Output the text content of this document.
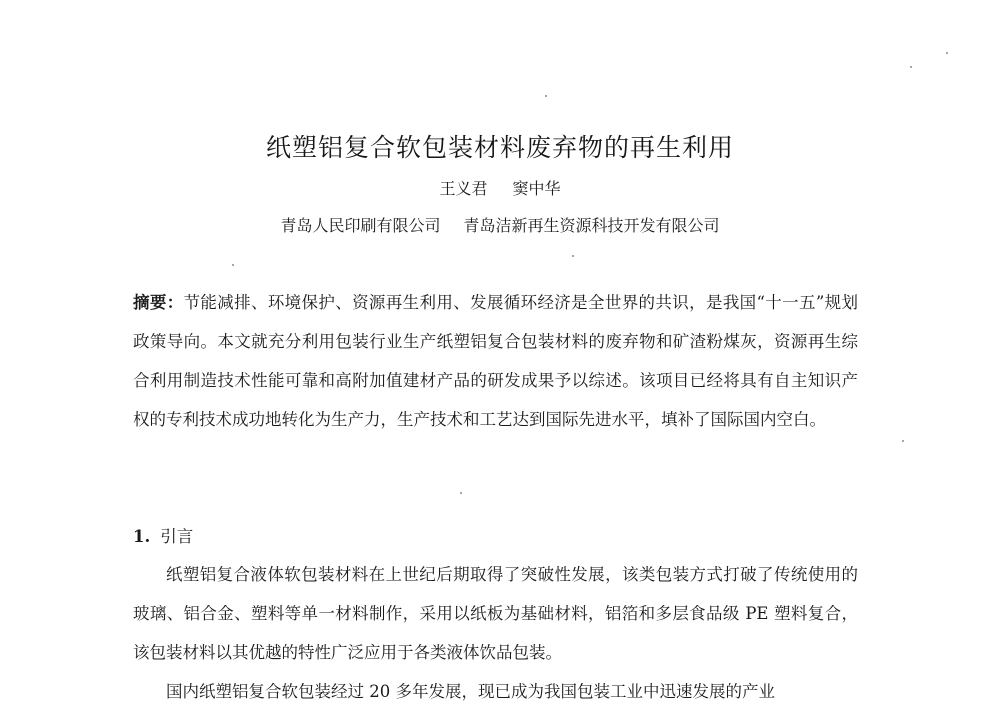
纸塑铝复合软包装材料废弃物的再生利用
王义君 窦中华
青岛人民印刷有限公司 青岛洁新再生资源科技开发有限公司
摘要：节能减排、环境保护、资源再生利用、发展循环经济是全世界的共识，是我国“十一五”规划政策导向。本文就充分利用包装行业生产纸塑铝复合包装材料的废弃物和矿渣粉煤灰，资源再生综合利用制造技术性能可靠和高附加值建材产品的研发成果予以综述。该项目已经将具有自主知识产权的专利技术成功地转化为生产力，生产技术和工艺达到国际先进水平，填补了国际国内空白。
1. 引言

纸塑铝复合液体软包装材料在上世纪后期取得了突破性发展，该类包装方式打破了传统使用的玻璃、铝合金、塑料等单一材料制作，采用以纸板为基础材料，铝箔和多层食品级 PE 塑料复合，该包装材料以其优越的特性广泛应用于各类液体饮品包装。

国内纸塑铝复合软包装经过 20 多年发展，现已成为我国包装工业中迅速发展的产业
